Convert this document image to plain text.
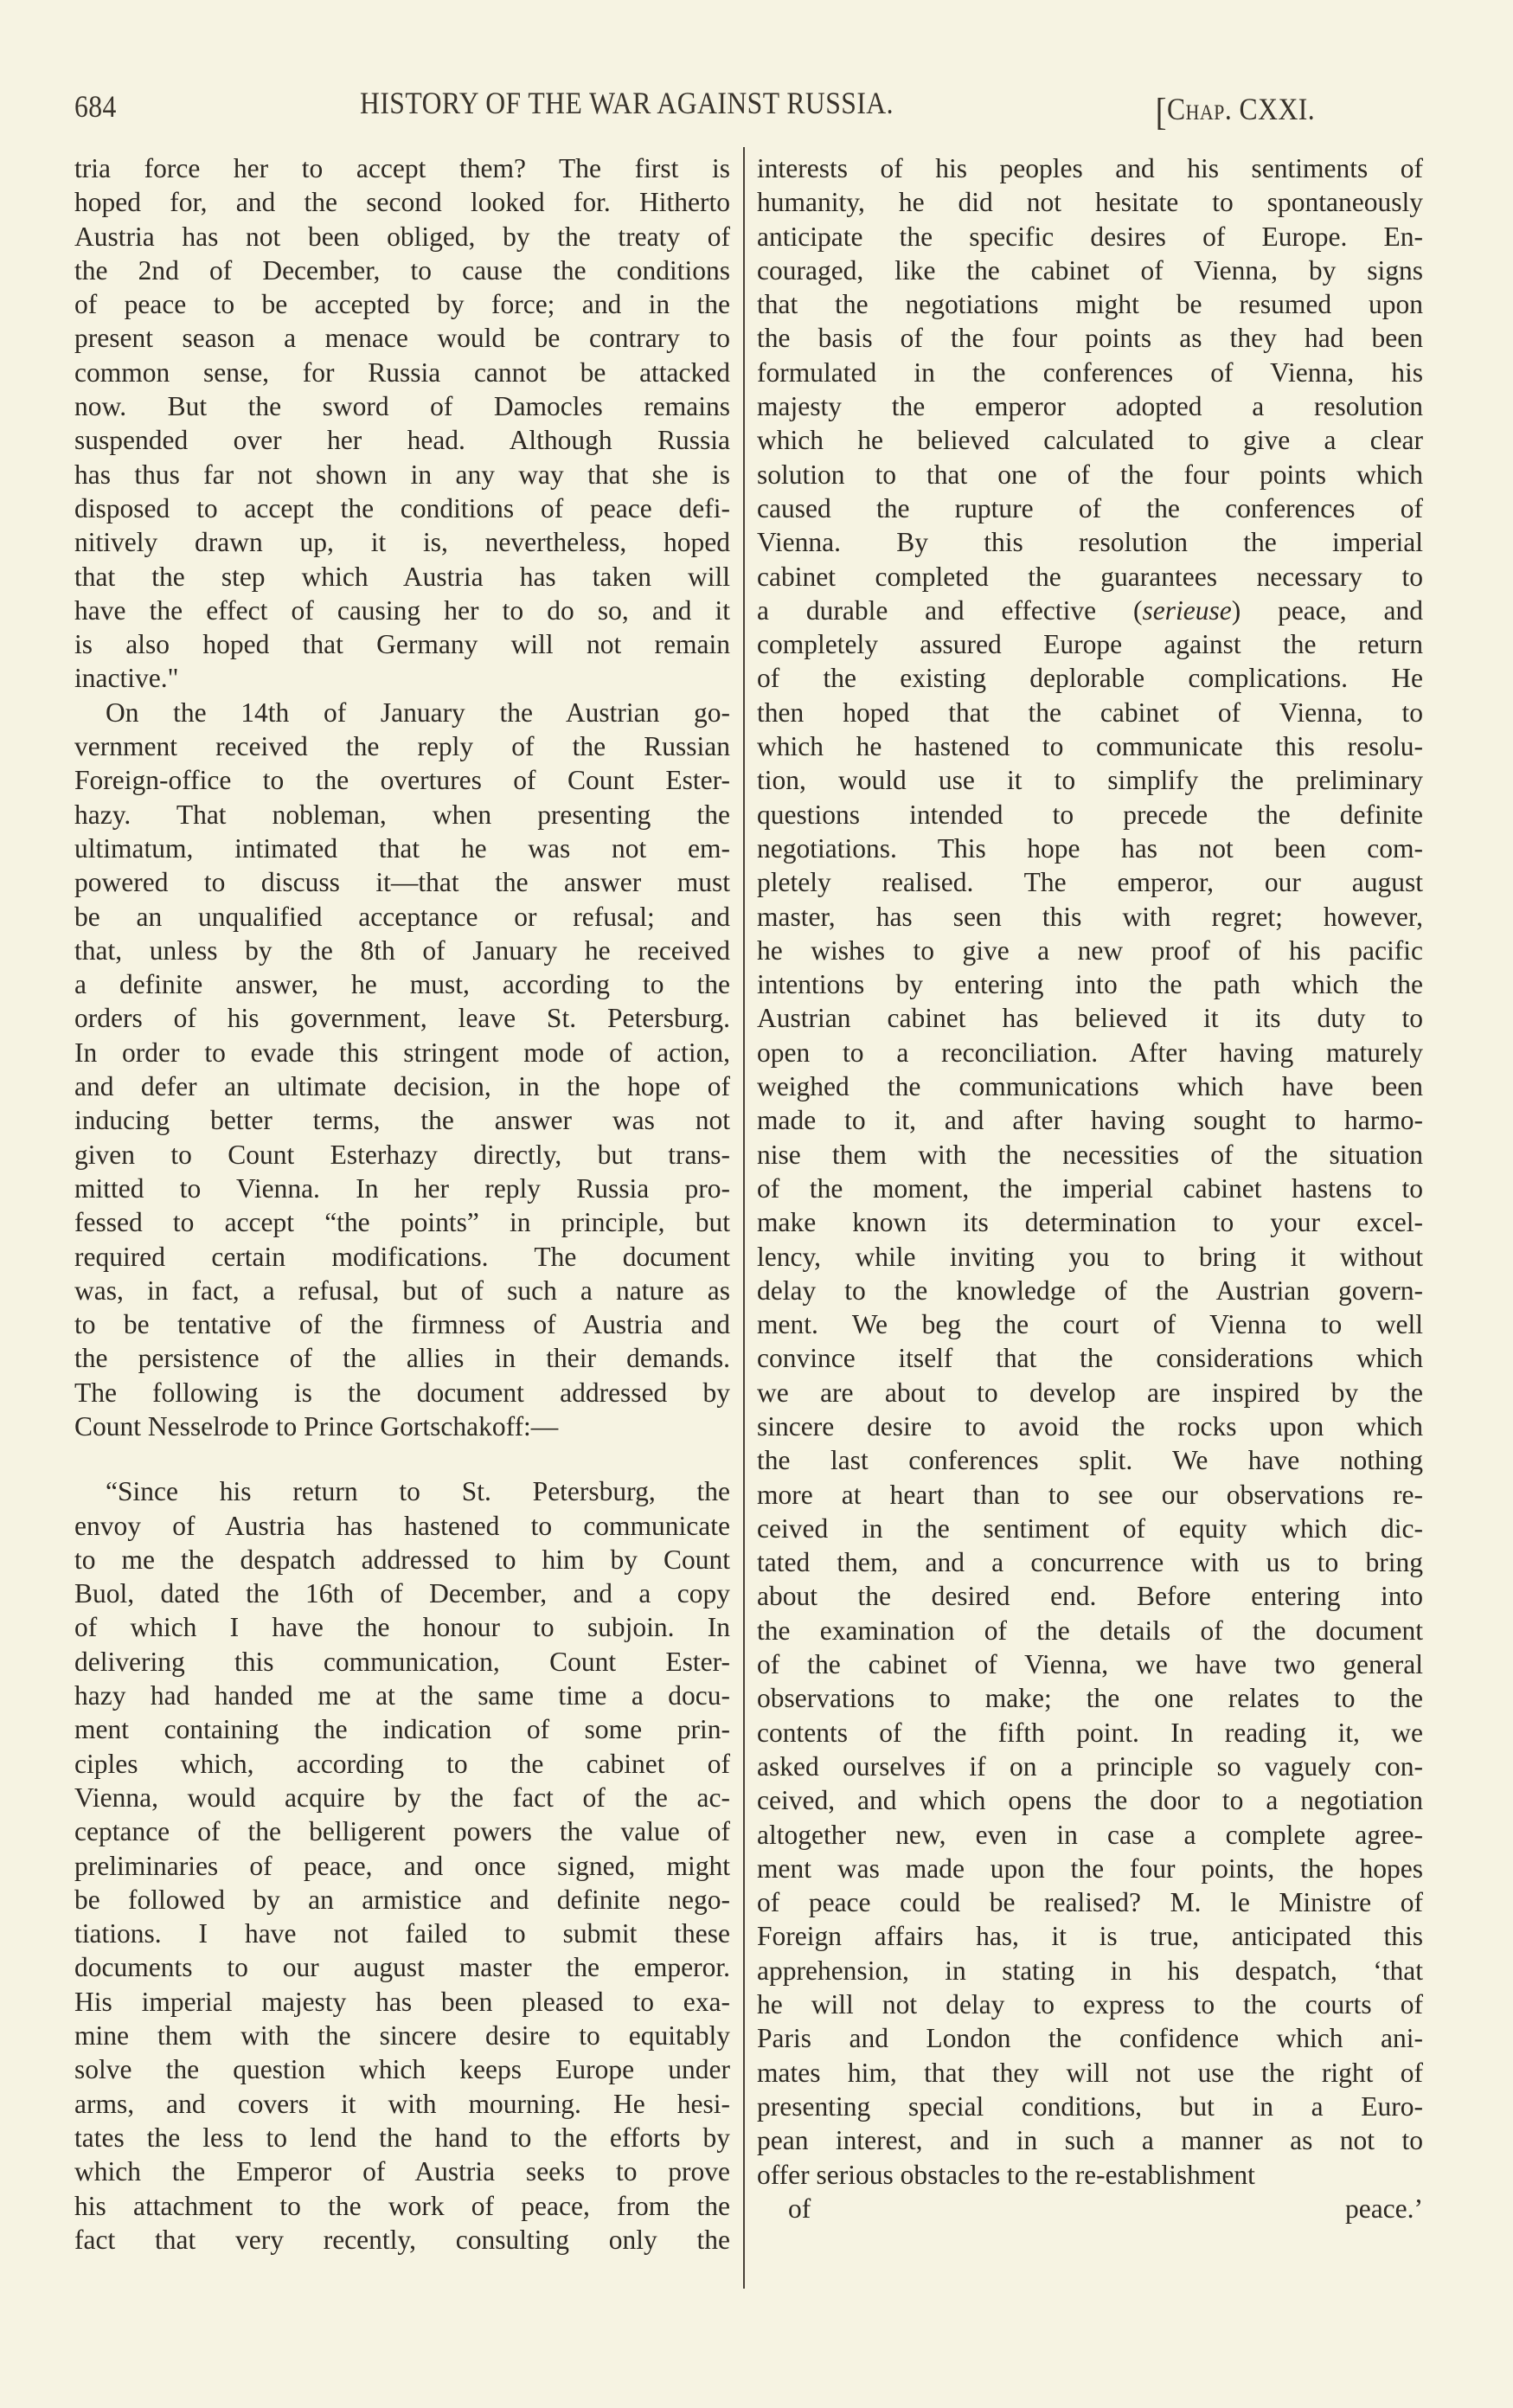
684	HISTORY OF THE WAR AGAINST RUSSIA.	[Chap. CXXI.
tria force her to accept them? The first is
hoped for, and the second looked for. Hitherto
Austria has not been obliged, by the treaty of
the 2nd of December, to cause the conditions
of peace to be accepted by force; and in the
present season a menace would be contrary to
common sense, for Russia cannot be attacked
now. But the sword of Damocles remains
suspended over her head. Although Russia
has thus far not shown in any way that she is
disposed to accept the conditions of peace defi-
nitively drawn up, it is, nevertheless, hoped
that the step which Austria has taken will
have the effect of causing her to do so, and it
is also hoped that Germany will not remain
inactive."
On the 14th of January the Austrian go-
vernment received the reply of the Russian
Foreign-office to the overtures of Count Ester-
hazy. That nobleman, when presenting the
ultimatum, intimated that he was not em-
powered to discuss it—that the answer must
be an unqualified acceptance or refusal; and
that, unless by the 8th of January he received
a definite answer, he must, according to the
orders of his government, leave St. Petersburg.
In order to evade this stringent mode of action,
and defer an ultimate decision, in the hope of
inducing better terms, the answer was not
given to Count Esterhazy directly, but trans-
mitted to Vienna. In her reply Russia pro-
fessed to accept “the points” in principle, but
required certain modifications. The document
was, in fact, a refusal, but of such a nature as
to be tentative of the firmness of Austria and
the persistence of the allies in their demands.
The following is the document addressed by
Count Nesselrode to Prince Gortschakoff:—
“Since his return to St. Petersburg, the
envoy of Austria has hastened to communicate
to me the despatch addressed to him by Count
Buol, dated the 16th of December, and a copy
of which I have the honour to subjoin. In
delivering this communication, Count Ester-
hazy had handed me at the same time a docu-
ment containing the indication of some prin-
ciples which, according to the cabinet of
Vienna, would acquire by the fact of the ac-
ceptance of the belligerent powers the value of
preliminaries of peace, and once signed, might
be followed by an armistice and definite nego-
tiations. I have not failed to submit these
documents to our august master the emperor.
His imperial majesty has been pleased to exa-
mine them with the sincere desire to equitably
solve the question which keeps Europe under
arms, and covers it with mourning. He hesi-
tates the less to lend the hand to the efforts by
which the Emperor of Austria seeks to prove
his attachment to the work of peace, from the
fact that very recently, consulting only the
interests of his peoples and his sentiments of
humanity, he did not hesitate to spontaneously
anticipate the specific desires of Europe. En-
couraged, like the cabinet of Vienna, by signs
that the negotiations might be resumed upon
the basis of the four points as they had been
formulated in the conferences of Vienna, his
majesty the emperor adopted a resolution
which he believed calculated to give a clear
solution to that one of the four points which
caused the rupture of the conferences of
Vienna. By this resolution the imperial
cabinet completed the guarantees necessary to
a durable and effective (serieuse) peace, and
completely assured Europe against the return
of the existing deplorable complications. He
then hoped that the cabinet of Vienna, to
which he hastened to communicate this resolu-
tion, would use it to simplify the preliminary
questions intended to precede the definite
negotiations. This hope has not been com-
pletely realised. The emperor, our august
master, has seen this with regret; however,
he wishes to give a new proof of his pacific
intentions by entering into the path which the
Austrian cabinet has believed it its duty to
open to a reconciliation. After having maturely
weighed the communications which have been
made to it, and after having sought to harmo-
nise them with the necessities of the situation
of the moment, the imperial cabinet hastens to
make known its determination to your excel-
lency, while inviting you to bring it without
delay to the knowledge of the Austrian govern-
ment. We beg the court of Vienna to well
convince itself that the considerations which
we are about to develop are inspired by the
sincere desire to avoid the rocks upon which
the last conferences split. We have nothing
more at heart than to see our observations re-
ceived in the sentiment of equity which dic-
tated them, and a concurrence with us to bring
about the desired end. Before entering into
the examination of the details of the document
of the cabinet of Vienna, we have two general
observations to make; the one relates to the
contents of the fifth point. In reading it, we
asked ourselves if on a principle so vaguely con-
ceived, and which opens the door to a negotiation
altogether new, even in case a complete agree-
ment was made upon the four points, the hopes
of peace could be realised? M. le Ministre of
Foreign affairs has, it is true, anticipated this
apprehension, in stating in his despatch, ‘that
he will not delay to express to the courts of
Paris and London the confidence which ani-
mates him, that they will not use the right of
presenting special conditions, but in a Euro-
pean interest, and in such a manner as not to
offer serious obstacles to the re-establishment
of peace.’
